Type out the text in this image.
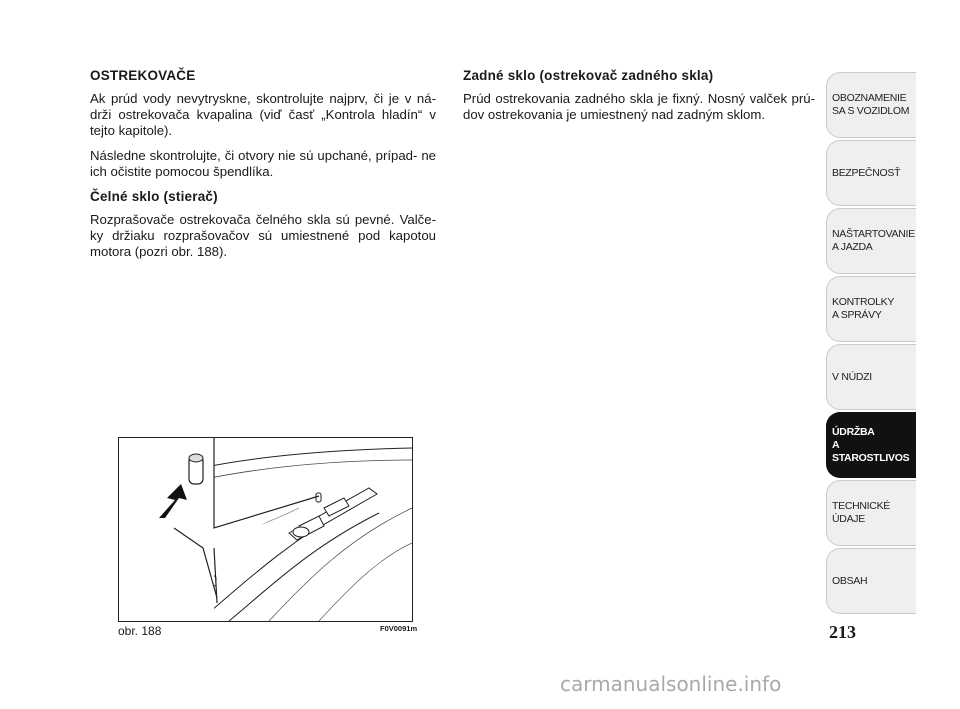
OSTREKOVAČE

Ak prúd vody nevytryskne, skontrolujte najprv, či je v ná- drži ostrekovača kvapalina (viď časť „Kontrola hladín“ v tejto kapitole).

Následne skontrolujte, či otvory nie sú upchané, prípad- ne ich očistite pomocou špendlíka.

Čelné sklo (stierač)

Rozprašovače ostrekovača čelného skla sú pevné. Valče- ky držiaku rozprašovačov sú umiestnené pod kapotou motora (pozri obr. 188).

Zadné sklo (ostrekovač zadného skla)

Prúd ostrekovania zadného skla je fixný. Nosný valček prú- dov ostrekovania je umiestnený nad zadným sklom.

obr. 188	F0V0091m
OBOZNAMENIE
SA S VOZIDLOM
BEZPEČNOSŤ
NAŠTARTOVANIE
A JAZDA
KONTROLKY
A SPRÁVY
V NÚDZI
ÚDRŽBA
A STAROSTLIVOS
TECHNICKÉ
ÚDAJE
OBSAH
213
carmanualsonline.info
